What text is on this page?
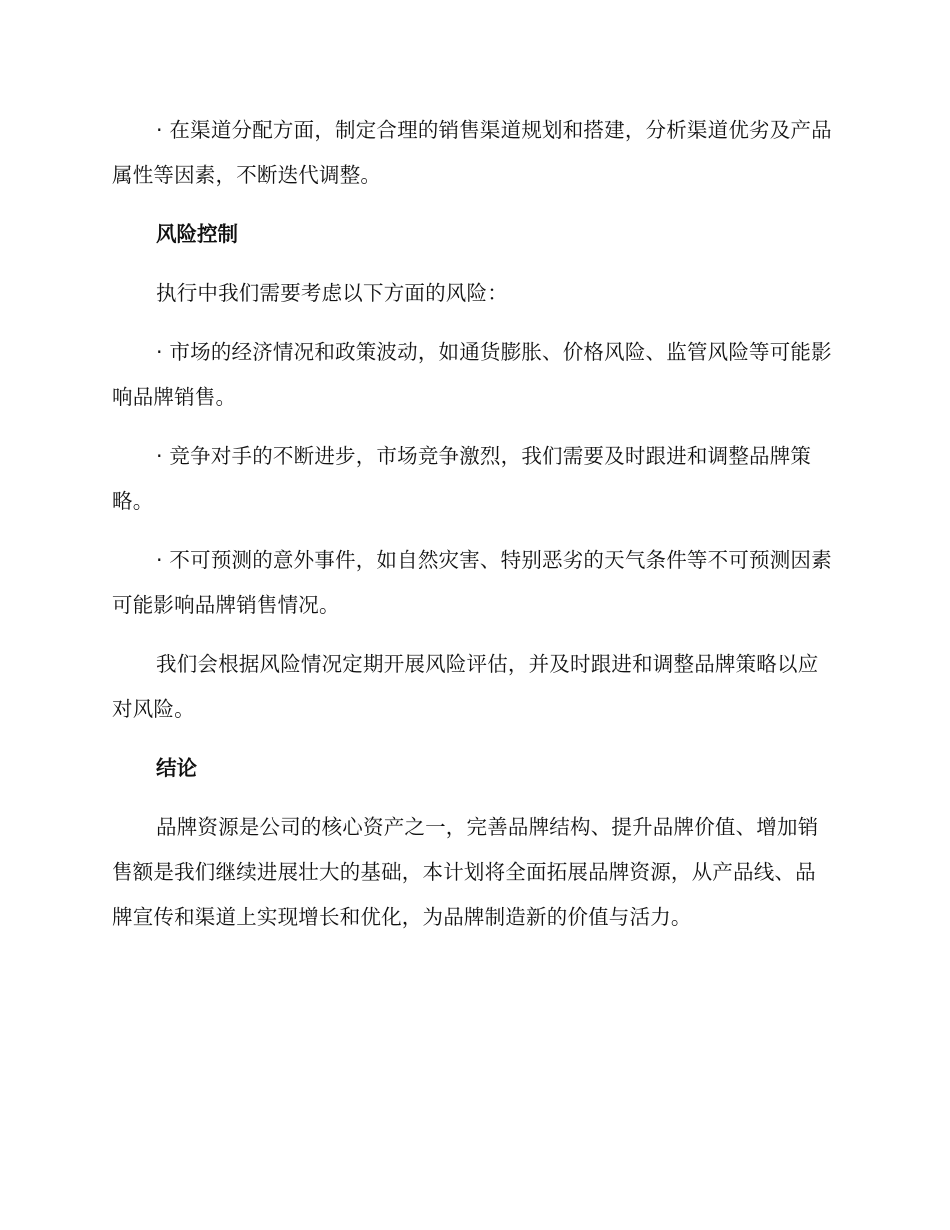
· 在渠道分配方面，制定合理的销售渠道规划和搭建，分析渠道优劣及产品属性等因素，不断迭代调整。

风险控制

执行中我们需要考虑以下方面的风险：

· 市场的经济情况和政策波动，如通货膨胀、价格风险、监管风险等可能影响品牌销售。

· 竞争对手的不断进步，市场竞争激烈，我们需要及时跟进和调整品牌策略。

· 不可预测的意外事件，如自然灾害、特别恶劣的天气条件等不可预测因素可能影响品牌销售情况。

我们会根据风险情况定期开展风险评估，并及时跟进和调整品牌策略以应对风险。

结论

品牌资源是公司的核心资产之一，完善品牌结构、提升品牌价值、增加销售额是我们继续进展壮大的基础，本计划将全面拓展品牌资源，从产品线、品牌宣传和渠道上实现增长和优化，为品牌制造新的价值与活力。
